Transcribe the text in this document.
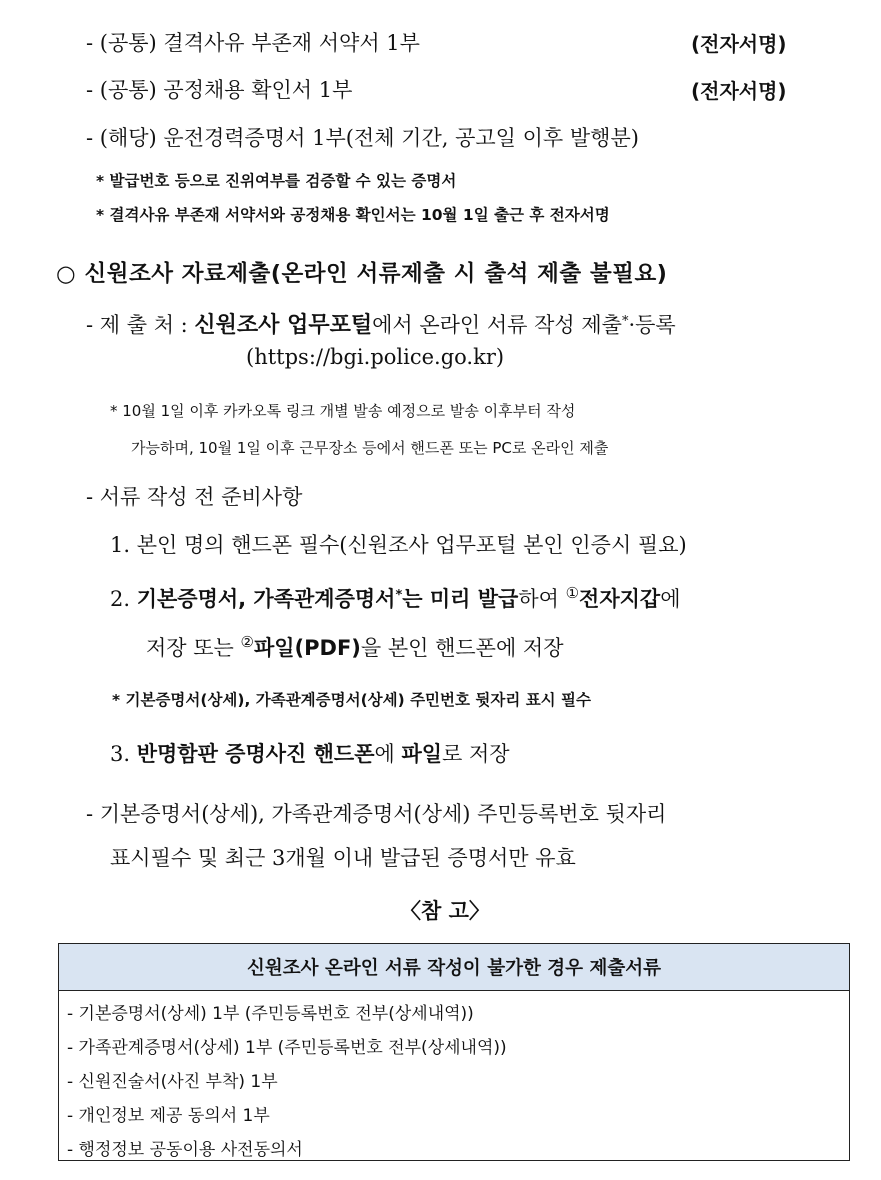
- (공통) 결격사유 부존재 서약서 1부	(전자서명)
- (공통) 공정채용 확인서 1부	(전자서명)
- (해당) 운전경력증명서 1부(전체 기간, 공고일 이후 발행분)
* 발급번호 등으로 진위여부를 검증할 수 있는 증명서
* 결격사유 부존재 서약서와 공정채용 확인서는 10월 1일 출근 후 전자서명
○ 신원조사 자료제출(온라인 서류제출 시 출석 제출 불필요)
- 제 출 처 : 신원조사 업무포털에서 온라인 서류 작성 제출*·등록
(https://bgi.police.go.kr)
* 10월 1일 이후 카카오톡 링크 개별 발송 예정으로 발송 이후부터 작성
가능하며, 10월 1일 이후 근무장소 등에서 핸드폰 또는 PC로 온라인 제출
- 서류 작성 전 준비사항
1. 본인 명의 핸드폰 필수(신원조사 업무포털 본인 인증시 필요)
2. 기본증명서, 가족관계증명서*는 미리 발급하여 ①전자지갑에
저장 또는 ②파일(PDF)을 본인 핸드폰에 저장
* 기본증명서(상세), 가족관계증명서(상세) 주민번호 뒷자리 표시 필수
3. 반명함판 증명사진 핸드폰에 파일로 저장
- 기본증명서(상세), 가족관계증명서(상세) 주민등록번호 뒷자리
표시필수 및 최근 3개월 이내 발급된 증명서만 유효
〈참 고〉
신원조사 온라인 서류 작성이 불가한 경우 제출서류
- 기본증명서(상세) 1부 (주민등록번호 전부(상세내역))
- 가족관계증명서(상세) 1부 (주민등록번호 전부(상세내역))
- 신원진술서(사진 부착) 1부
- 개인정보 제공 동의서 1부
- 행정정보 공동이용 사전동의서
